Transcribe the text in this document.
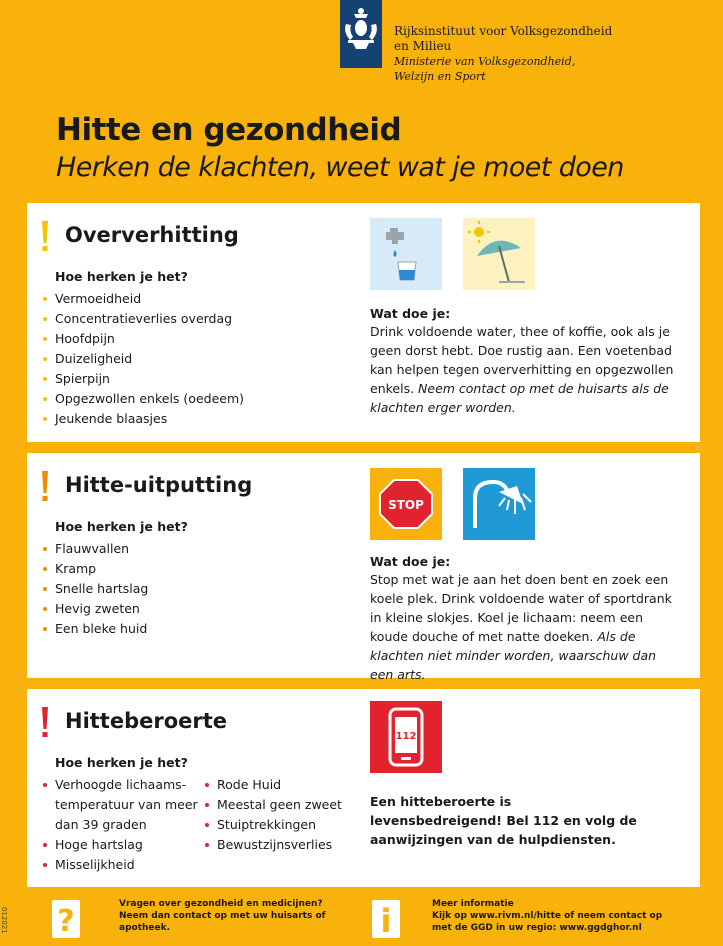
Rijksinstituut voor Volksgezondheid
en Milieu
Ministerie van Volksgezondheid,
Welzijn en Sport
Hitte en gezondheid
Herken de klachten, weet wat je moet doen
Oververhitting
Hoe herken je het?
Vermoeidheid
Concentratieverlies overdag
Hoofdpijn
Duizeligheid
Spierpijn
Opgezwollen enkels (oedeem)
Jeukende blaasjes
Wat doe je:
Drink voldoende water, thee of koffie, ook als je geen dorst hebt. Doe rustig aan. Een voetenbad kan helpen tegen oververhitting en opgezwollen enkels. Neem contact op met de huisarts als de klachten erger worden.
Hitte-uitputting
Hoe herken je het?
Flauwvallen
Kramp
Snelle hartslag
Hevig zweten
Een bleke huid
STOP
Wat doe je:
Stop met wat je aan het doen bent en zoek een koele plek. Drink voldoende water of sportdrank in kleine slokjes. Koel je lichaam: neem een koude douche of met natte doeken. Als de klachten niet minder worden, waarschuw dan een arts.
Hitteberoerte
Hoe herken je het?
Verhoogde lichaams-temperatuur van meer dan 39 graden
Hoge hartslag
Misselijkheid
Rode Huid
Meestal geen zweet
Stuiptrekkingen
Bewustzijnsverlies
112
Een hitteberoerte is levensbedreigend! Bel 112 en volg de aanwijzingen van de hulpdiensten.
012021 ?	Vragen over gezondheid en medicijnen? Neem dan contact op met uw huisarts of apotheek.	i	Meer informatie
Kijk op www.rivm.nl/hitte of neem contact op
met de GGD in uw regio: www.ggdghor.nl
